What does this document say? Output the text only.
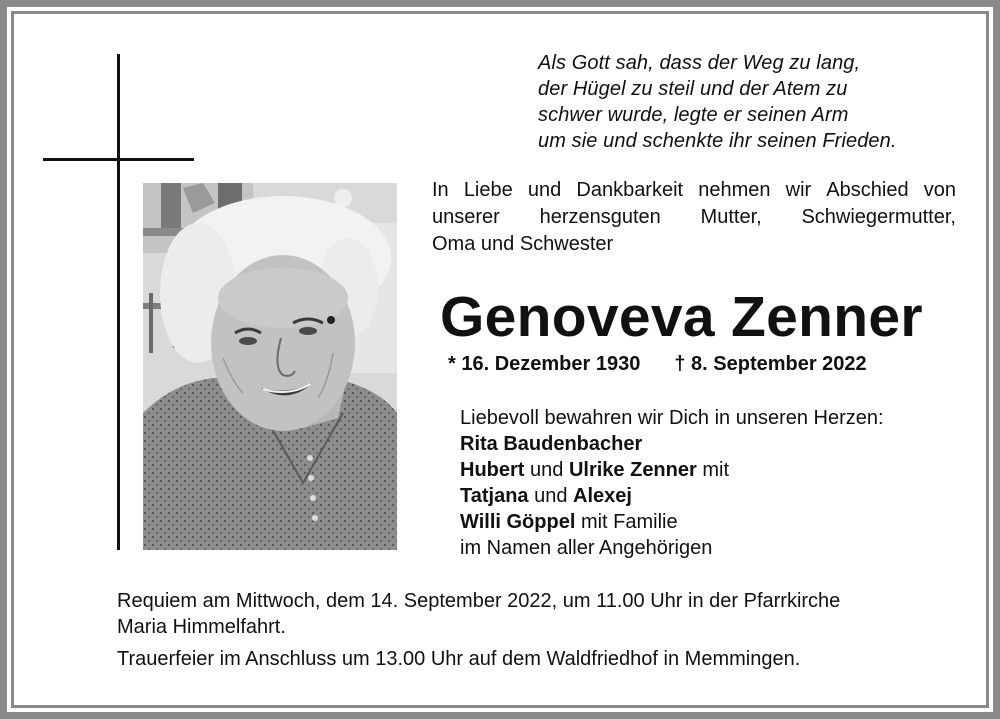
Als Gott sah, dass der Weg zu lang,
der Hügel zu steil und der Atem zu
schwer wurde, legte er seinen Arm
um sie und schenkte ihr seinen Frieden.
In Liebe und Dankbarkeit nehmen wir Abschied von
unserer herzensguten Mutter, Schwiegermutter,
Oma und Schwester
Genoveva Zenner
* 16. Dezember 1930 † 8. September 2022
Liebevoll bewahren wir Dich in unseren Herzen:
Rita Baudenbacher
Hubert und Ulrike Zenner mit
Tatjana und Alexej
Willi Göppel mit Familie
im Namen aller Angehörigen
Requiem am Mittwoch, dem 14. September 2022, um 11.00 Uhr in der Pfarrkirche
Maria Himmelfahrt.
Trauerfeier im Anschluss um 13.00 Uhr auf dem Waldfriedhof in Memmingen.
